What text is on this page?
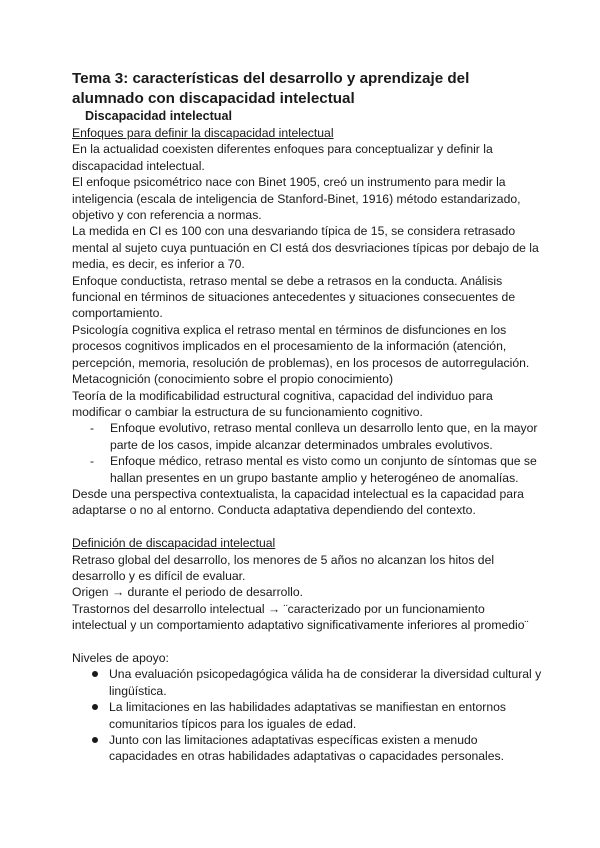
Tema 3: características del desarrollo y aprendizaje del alumnado con discapacidad intelectual
Discapacidad intelectual

Enfoques para definir la discapacidad intelectual

En la actualidad coexisten diferentes enfoques para conceptualizar y definir la discapacidad intelectual.

El enfoque psicométrico nace con Binet 1905, creó un instrumento para medir la inteligencia (escala de inteligencia de Stanford-Binet, 1916) método estandarizado, objetivo y con referencia a normas.

La medida en CI es 100 con una desvariando típica de 15, se considera retrasado mental al sujeto cuya puntuación en CI está dos desvriaciones típicas por debajo de la media, es decir, es inferior a 70.

Enfoque conductista, retraso mental se debe a retrasos en la conducta. Análisis funcional en términos de situaciones antecedentes y situaciones consecuentes de comportamiento.

Psicología cognitiva explica el retraso mental en términos de disfunciones en los procesos cognitivos implicados en el procesamiento de la información (atención, percepción, memoria, resolución de problemas), en los procesos de autorregulación. Metacognición (conocimiento sobre el propio conocimiento)

Teoría de la modificabilidad estructural cognitiva, capacidad del individuo para modificar o cambiar la estructura de su funcionamiento cognitivo.

- Enfoque evolutivo, retraso mental conlleva un desarrollo lento que, en la mayor parte de los casos, impide alcanzar determinados umbrales evolutivos.
- Enfoque médico, retraso mental es visto como un conjunto de síntomas que se hallan presentes en un grupo bastante amplio y heterogéneo de anomalías.

Desde una perspectiva contextualista, la capacidad intelectual es la capacidad para adaptarse o no al entorno. Conducta adaptativa dependiendo del contexto.

Definición de discapacidad intelectual

Retraso global del desarrollo, los menores de 5 años no alcanzan los hitos del desarrollo y es difícil de evaluar.

Origen → durante el periodo de desarrollo.

Trastornos del desarrollo intelectual → ¨caracterizado por un funcionamiento intelectual y un comportamiento adaptativo significativamente inferiores al promedio¨

Niveles de apoyo:

Una evaluación psicopedagógica válida ha de considerar la diversidad cultural y lingüística.
La limitaciones en las habilidades adaptativas se manifiestan en entornos comunitarios típicos para los iguales de edad.
Junto con las limitaciones adaptativas específicas existen a menudo capacidades en otras habilidades adaptativas o capacidades personales.
